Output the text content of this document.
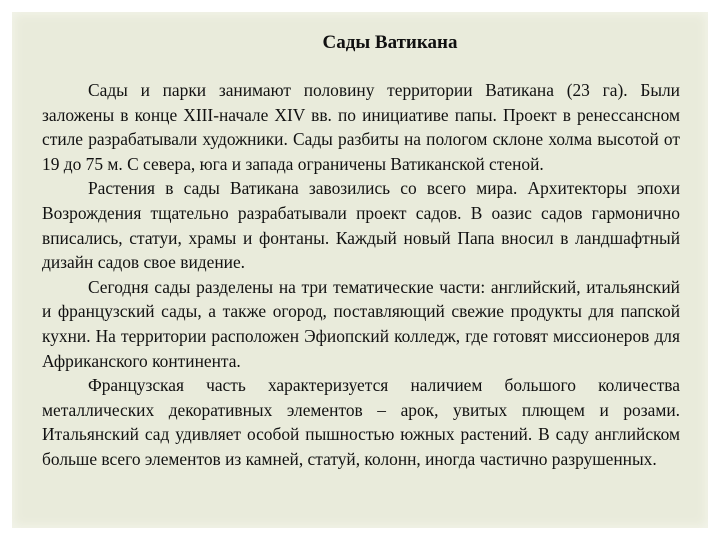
Сады Ватикана

Сады и парки занимают половину территории Ватикана (23 га). Были заложены в конце XIII-начале XIV вв. по инициативе папы. Проект в ренессансном стиле разрабатывали художники. Сады разбиты на пологом склоне холма высотой от 19 до 75 м. С севера, юга и запада ограничены Ватиканской стеной.

Растения в сады Ватикана завозились со всего мира. Архитекторы эпохи Возрождения тщательно разрабатывали проект садов. В оазис садов гармонично вписались, статуи, храмы и фонтаны. Каждый новый Папа вносил в ландшафтный дизайн садов свое видение.

Сегодня сады разделены на три тематические части: английский, итальянский и французский сады, а также огород, поставляющий свежие продукты для папской кухни. На территории расположен Эфиопский колледж, где готовят миссионеров для Африканского континента.

Французская часть характеризуется наличием большого количества металлических декоративных элементов – арок, увитых плющем и розами. Итальянский сад удивляет особой пышностью южных растений. В саду английском больше всего элементов из камней, статуй, колонн, иногда частично разрушенных.
